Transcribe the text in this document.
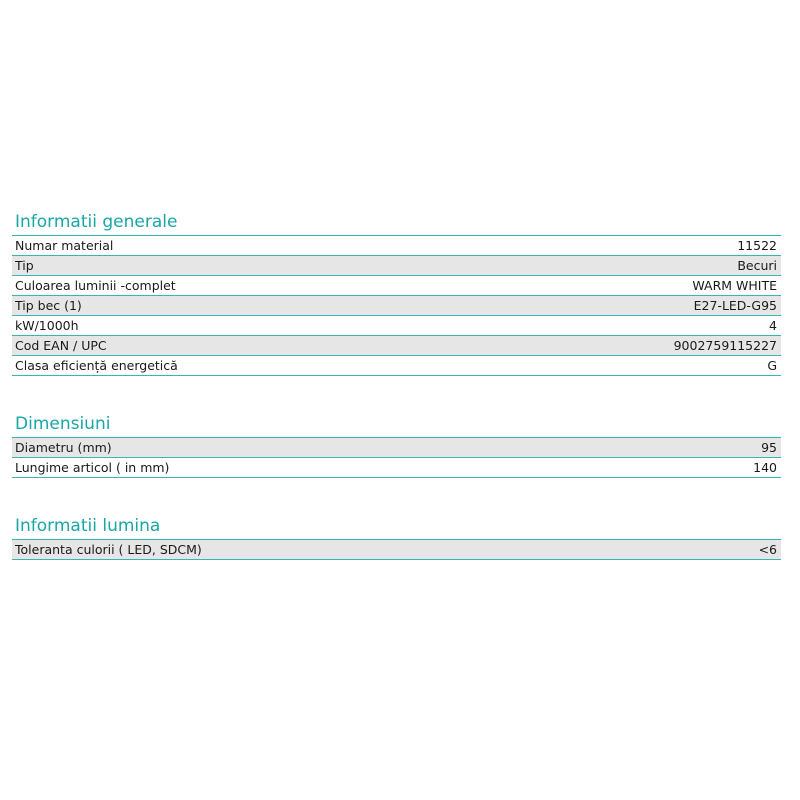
Informatii generale
Numar material	11522
Tip	Becuri
Culoarea luminii -complet	WARM WHITE
Tip bec (1)	E27-LED-G95
kW/1000h	4
Cod EAN / UPC	9002759115227
Clasa eficiență energetică	G
Dimensiuni
Diametru (mm)	95
Lungime articol ( in mm)	140
Informatii lumina
Toleranta culorii ( LED, SDCM)	<6
